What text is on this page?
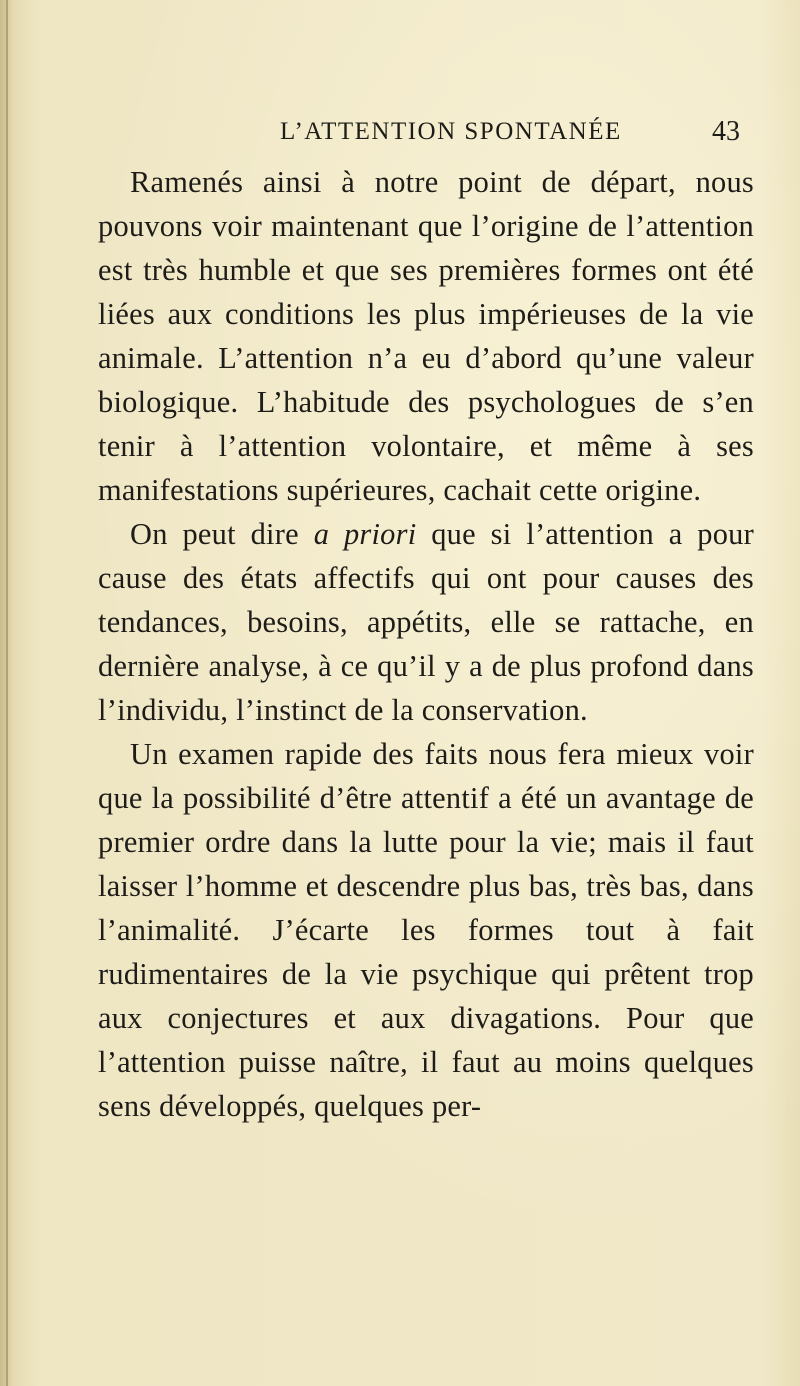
L’ATTENTION SPONTANÉE	43

Ramenés ainsi à notre point de départ, nous pouvons voir maintenant que l’origine de l’attention est très humble et que ses premières formes ont été liées aux conditions les plus impérieuses de la vie animale. L’attention n’a eu d’abord qu’une valeur biologique. L’habitude des psychologues de s’en tenir à l’attention volontaire, et même à ses manifestations supérieures, cachait cette origine.

On peut dire a priori que si l’attention a pour cause des états affectifs qui ont pour causes des tendances, besoins, appétits, elle se rattache, en dernière analyse, à ce qu’il y a de plus profond dans l’individu, l’instinct de la conservation.

Un examen rapide des faits nous fera mieux voir que la possibilité d’être attentif a été un avantage de premier ordre dans la lutte pour la vie; mais il faut laisser l’homme et descendre plus bas, très bas, dans l’animalité. J’écarte les formes tout à fait rudimentaires de la vie psychique qui prêtent trop aux conjectures et aux divagations. Pour que l’attention puisse naître, il faut au moins quelques sens développés, quelques per-
